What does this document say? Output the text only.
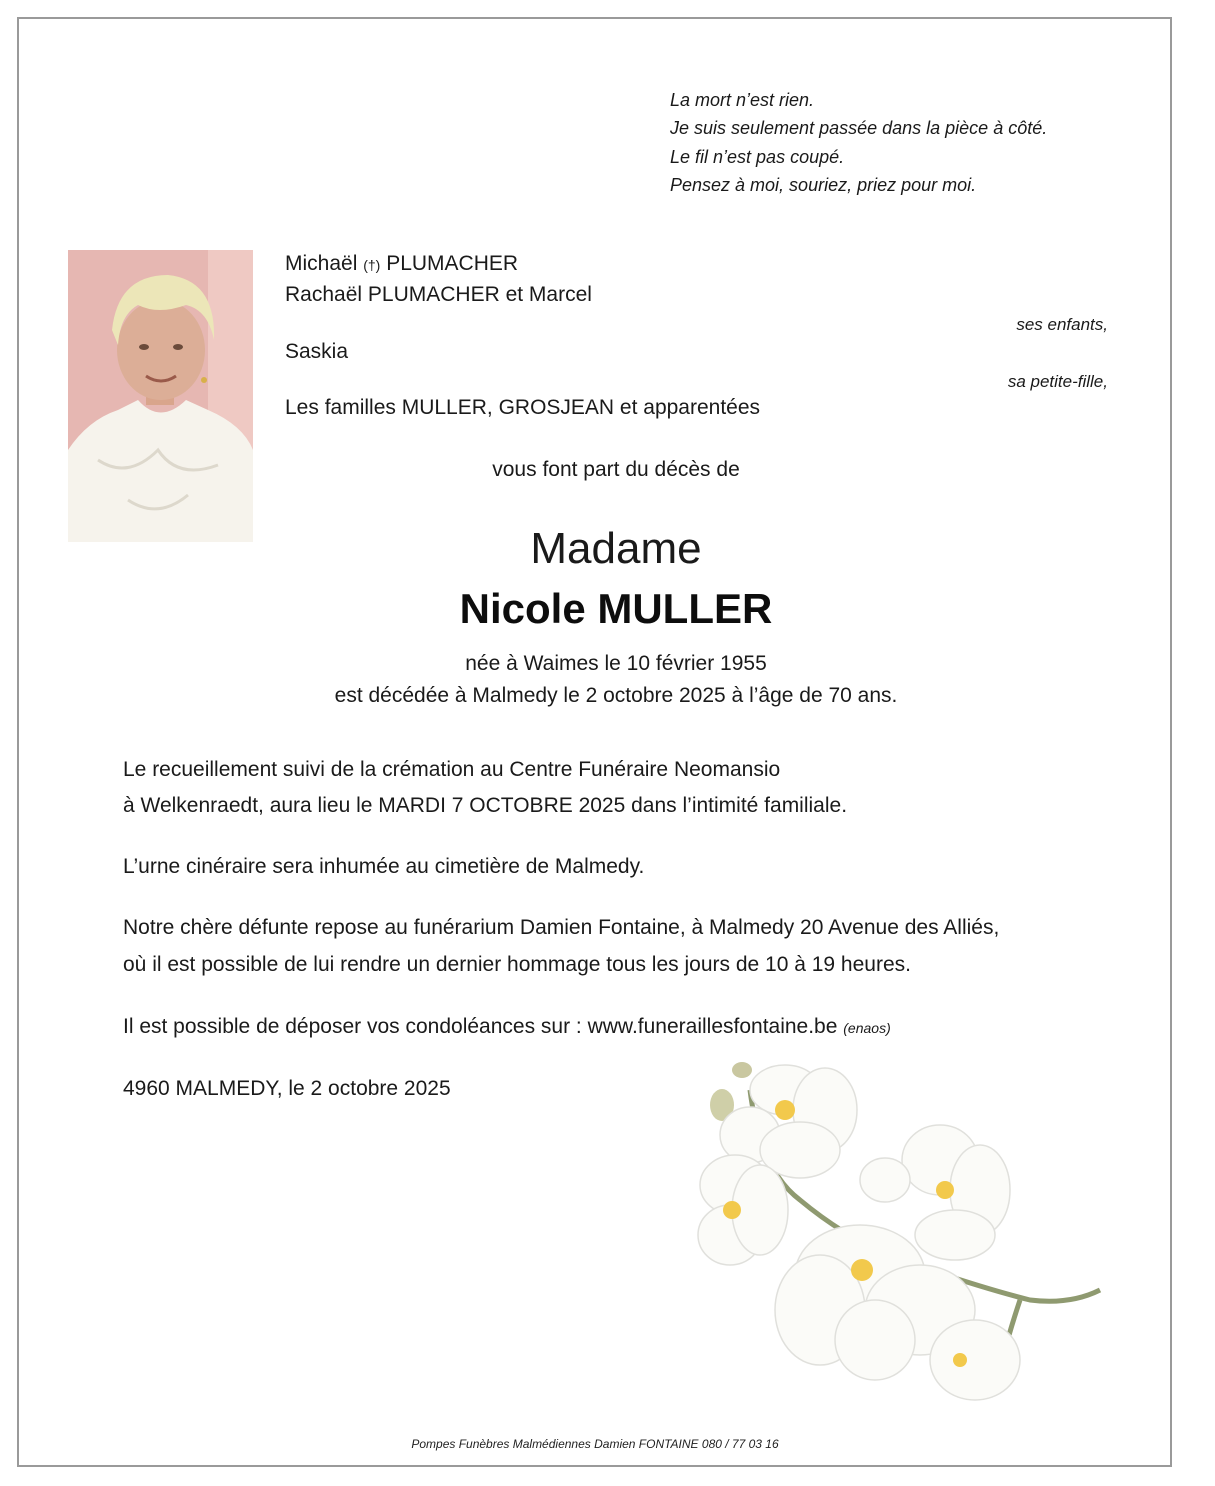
La mort n’est rien.
Je suis seulement passée dans la pièce à côté.
Le fil n’est pas coupé.
Pensez à moi, souriez, priez pour moi.
Michaël (†) PLUMACHER
Rachaël PLUMACHER et Marcel
ses enfants,
Saskia
sa petite-fille,
Les familles MULLER, GROSJEAN et apparentées
vous font part du décès de
Madame
Nicole MULLER
née à Waimes le 10 février 1955
est décédée à Malmedy le 2 octobre 2025 à l’âge de 70 ans.
Le recueillement suivi de la crémation au Centre Funéraire Neomansio
à Welkenraedt, aura lieu le MARDI 7 OCTOBRE 2025 dans l’intimité familiale.
L’urne cinéraire sera inhumée au cimetière de Malmedy.
Notre chère défunte repose au funérarium Damien Fontaine, à Malmedy 20 Avenue des Alliés,
où il est possible de lui rendre un dernier hommage tous les jours de 10 à 19 heures.
Il est possible de déposer vos condoléances sur : www.funeraillesfontaine.be (enaos)
4960 MALMEDY, le 2 octobre 2025
Pompes Funèbres Malmédiennes Damien FONTAINE 080 / 77 03 16
